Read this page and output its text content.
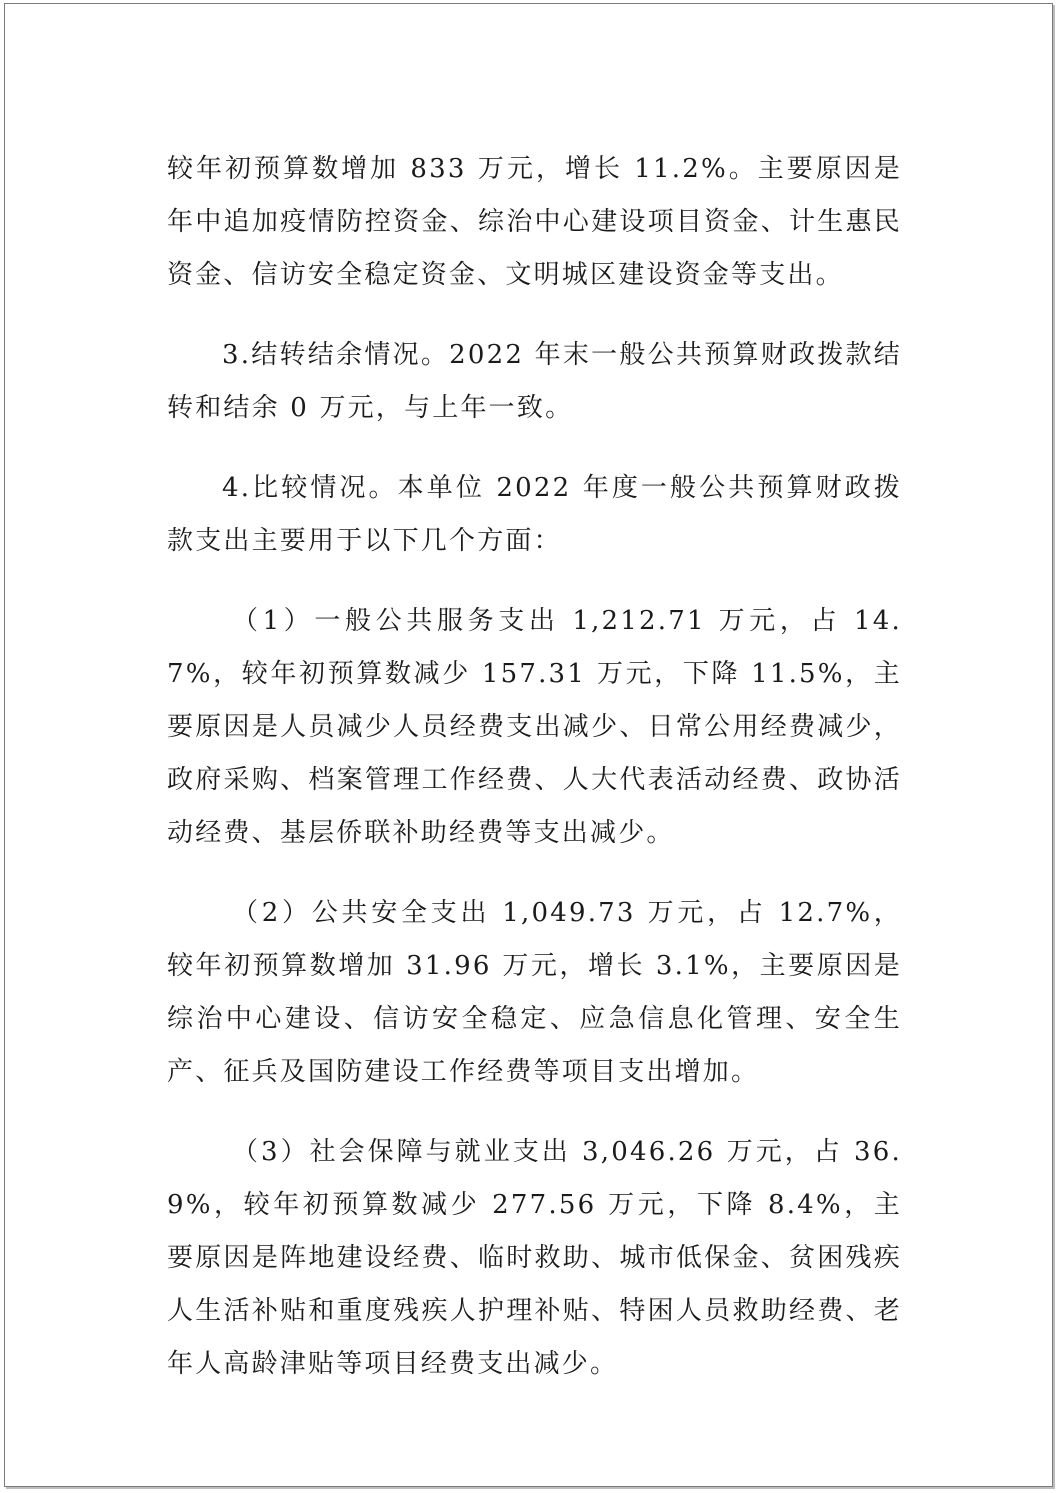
较年初预算数增加 833 万元，增长 11.2%。主要原因是年中追加疫情防控资金、综治中心建设项目资金、计生惠民资金、信访安全稳定资金、文明城区建设资金等支出。

3.结转结余情况。2022 年末一般公共预算财政拨款结转和结余 0 万元，与上年一致。

4.比较情况。本单位 2022 年度一般公共预算财政拨款支出主要用于以下几个方面：

（1）一般公共服务支出 1,212.71 万元，占 14.7%，较年初预算数减少 157.31 万元，下降 11.5%，主要原因是人员减少人员经费支出减少、日常公用经费减少，政府采购、档案管理工作经费、人大代表活动经费、政协活动经费、基层侨联补助经费等支出减少。

（2）公共安全支出 1,049.73 万元，占 12.7%，较年初预算数增加 31.96 万元，增长 3.1%，主要原因是综治中心建设、信访安全稳定、应急信息化管理、安全生产、征兵及国防建设工作经费等项目支出增加。

（3）社会保障与就业支出 3,046.26 万元，占 36.9%，较年初预算数减少 277.56 万元，下降 8.4%，主要原因是阵地建设经费、临时救助、城市低保金、贫困残疾人生活补贴和重度残疾人护理补贴、特困人员救助经费、老年人高龄津贴等项目经费支出减少。
